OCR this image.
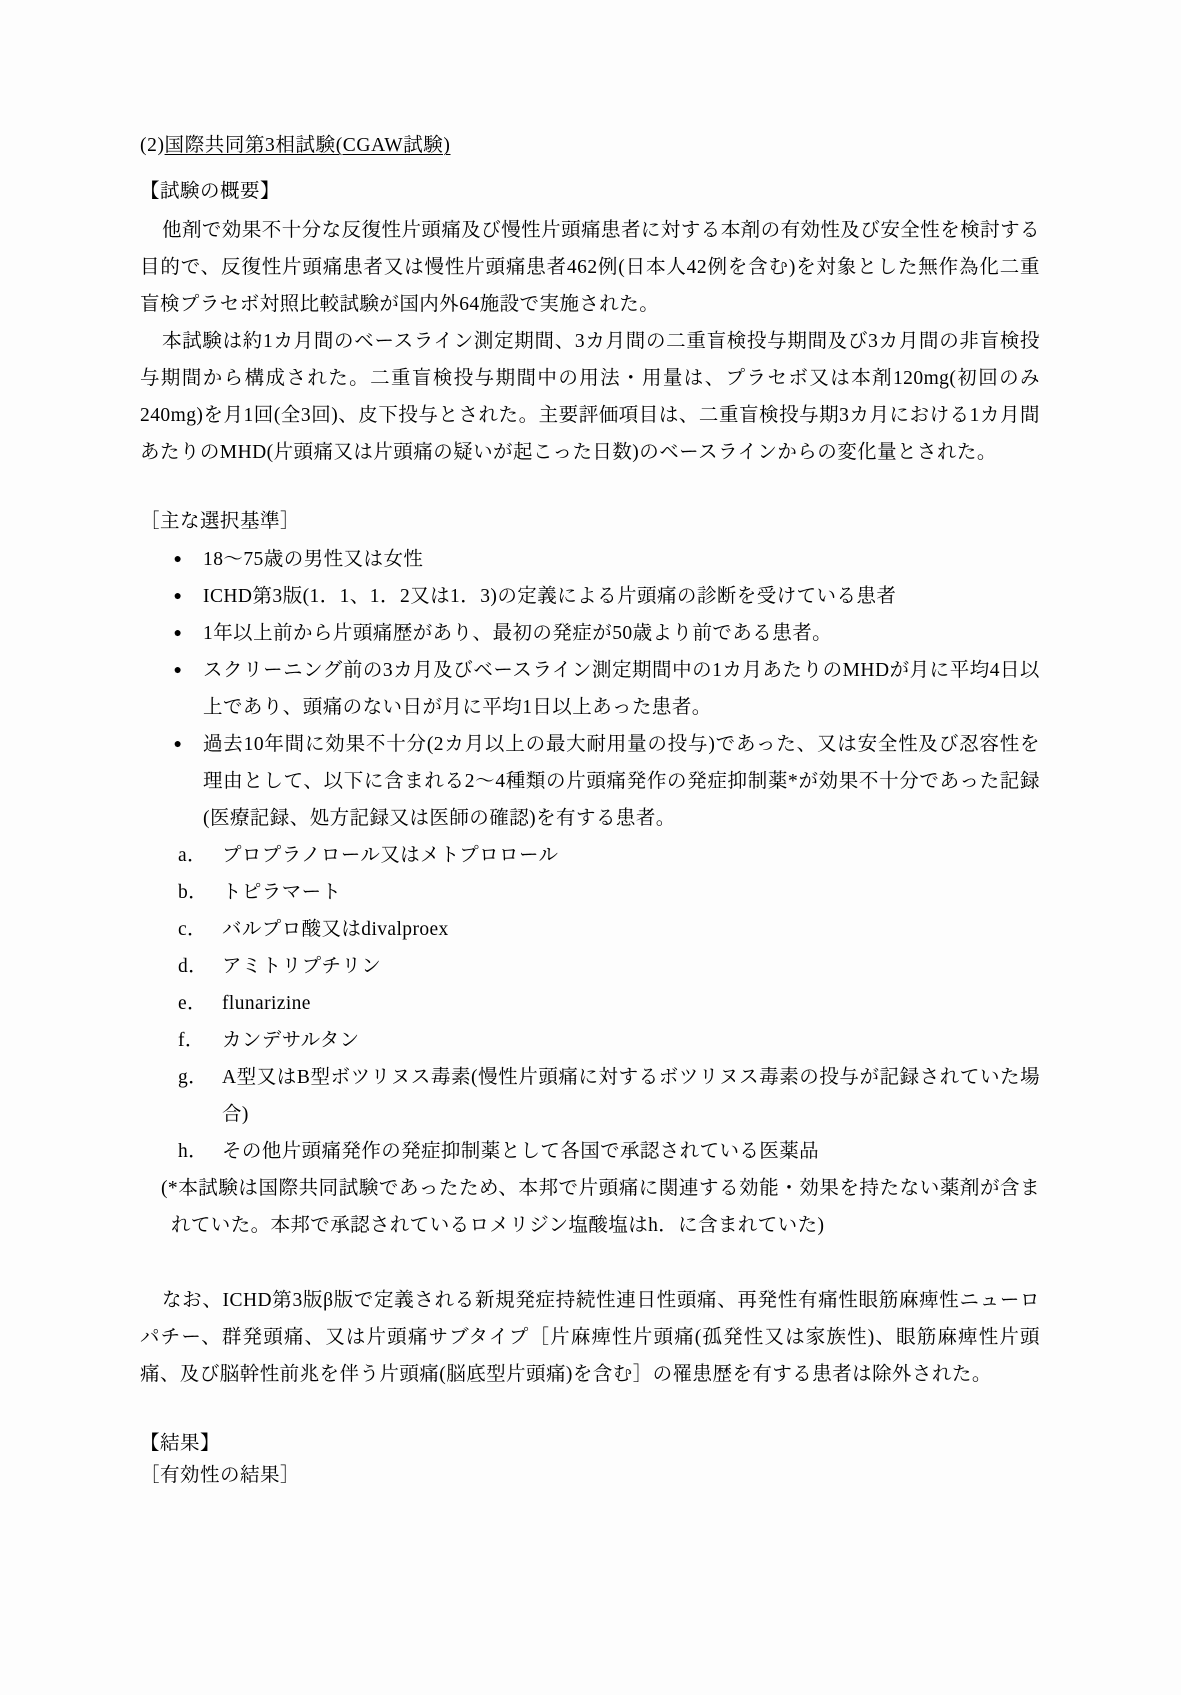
(2)国際共同第3相試験(CGAW試験)
【試験の概要】

他剤で効果不十分な反復性片頭痛及び慢性片頭痛患者に対する本剤の有効性及び安全性を検討する目的で、反復性片頭痛患者又は慢性片頭痛患者462例(日本人42例を含む)を対象とした無作為化二重盲検プラセボ対照比較試験が国内外64施設で実施された。

本試験は約1カ月間のベースライン測定期間、3カ月間の二重盲検投与期間及び3カ月間の非盲検投与期間から構成された。二重盲検投与期間中の用法・用量は、プラセボ又は本剤120mg(初回のみ240mg)を月1回(全3回)、皮下投与とされた。主要評価項目は、二重盲検投与期3カ月における1カ月間あたりのMHD(片頭痛又は片頭痛の疑いが起こった日数)のベースラインからの変化量とされた。

［主な選択基準］
● 18〜75歳の男性又は女性
● ICHD第3版(1．1、1．2又は1．3)の定義による片頭痛の診断を受けている患者
● 1年以上前から片頭痛歴があり、最初の発症が50歳より前である患者。
● スクリーニング前の3カ月及びベースライン測定期間中の1カ月あたりのMHDが月に平均4日以上であり、頭痛のない日が月に平均1日以上あった患者。
● 過去10年間に効果不十分(2カ月以上の最大耐用量の投与)であった、又は安全性及び忍容性を理由として、以下に含まれる2〜4種類の片頭痛発作の発症抑制薬*が効果不十分であった記録(医療記録、処方記録又は医師の確認)を有する患者。
a． プロプラノロール又はメトプロロール
b． トピラマート
c． バルプロ酸又はdivalproex
d． アミトリプチリン
e． flunarizine
f． カンデサルタン
g． A型又はB型ボツリヌス毒素(慢性片頭痛に対するボツリヌス毒素の投与が記録されていた場合)
h． その他片頭痛発作の発症抑制薬として各国で承認されている医薬品

(*本試験は国際共同試験であったため、本邦で片頭痛に関連する効能・効果を持たない薬剤が含まれていた。本邦で承認されているロメリジン塩酸塩はh．に含まれていた)

なお、ICHD第3版β版で定義される新規発症持続性連日性頭痛、再発性有痛性眼筋麻痺性ニューロパチー、群発頭痛、又は片頭痛サブタイプ［片麻痺性片頭痛(孤発性又は家族性)、眼筋麻痺性片頭痛、及び脳幹性前兆を伴う片頭痛(脳底型片頭痛)を含む］の罹患歴を有する患者は除外された。

【結果】
［有効性の結果］
